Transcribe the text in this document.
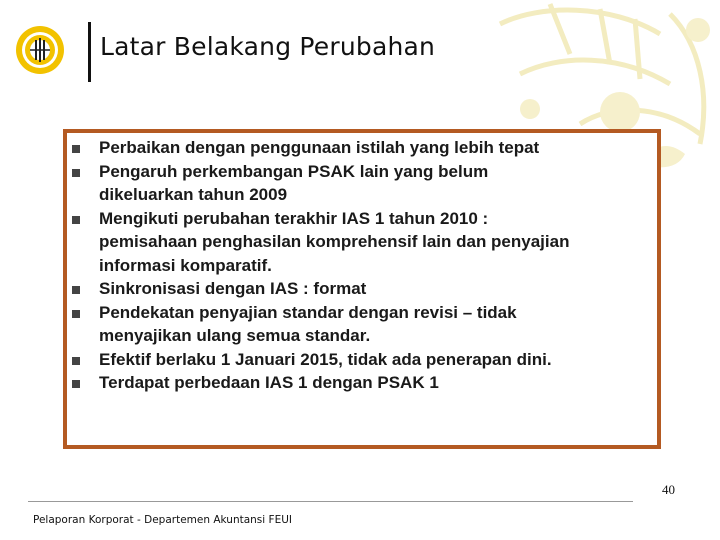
Latar Belakang Perubahan
Perbaikan dengan penggunaan istilah yang lebih tepat
Pengaruh perkembangan PSAK lain yang belum
dikeluarkan tahun 2009
Mengikuti perubahan terakhir IAS 1 tahun 2010 :
pemisahaan penghasilan komprehensif lain dan penyajian
informasi komparatif.
Sinkronisasi dengan IAS : format
Pendekatan penyajian standar dengan revisi – tidak
menyajikan ulang semua standar.
Efektif berlaku 1 Januari 2015, tidak ada penerapan dini.
Terdapat perbedaan IAS 1 dengan PSAK 1
Pelaporan Korporat - Departemen Akuntansi FEUI
40
